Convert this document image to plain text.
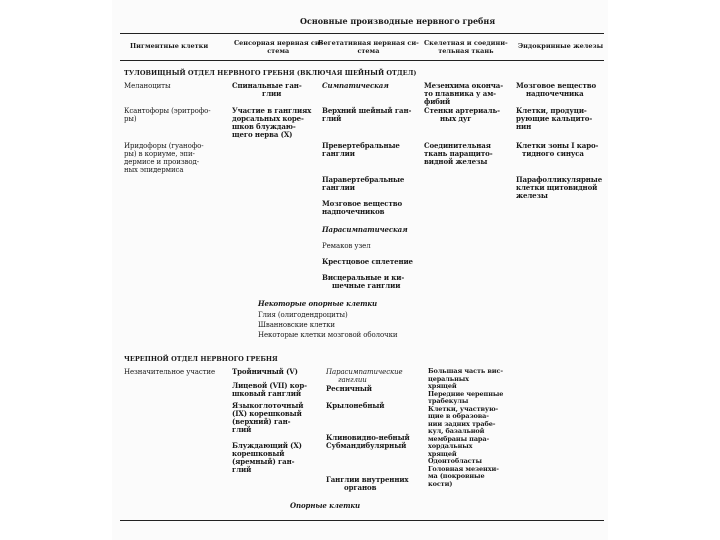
Основные производные нервного гребня
Пигментные клетки	Сенсорная нервная си-
стема
Вегетативная нервная си-
стема
Скелетная и соедини-
тельная ткань
Эндокринные железы
ТУЛОВИЩНЫЙ ОТДЕЛ НЕРВНОГО ГРЕБНЯ (ВКЛЮЧАЯ ШЕЙНЫЙ ОТДЕЛ)
Меланоциты
Ксантофоры (эритрофо-
ры)
Иридофоры (гуанофо-
ры) в кориуме, эпи-
дермисе и производ-
ных эпидермиса
Спинальные ган-
глии
Участие в ганглиях
дорсальных коре-
шков блуждаю-
щего нерва (X)
Симпатическая
Верхний шейный ган-
глий
Превертебральные
ганглии
Паравертебральные
ганглии
Мозговое вещество
надпочечников
Парасимпатическая
Ремаков узел
Крестцовое сплетение
Висцеральные и ки-
шечные ганглии
Мезенхима оконча-
то плавника у ам-
фибий
Стенки артериаль-
ных дуг
Соединительная
ткань паращито-
видной железы
Мозговое вещество
надпочечника
Клетки, продуци-
рующие кальцито-
нин
Клетки зоны I каро-
тидного синуса
Парафолликулярные
клетки щитовидной
железы
Некоторые опорные клетки
Глия (олигодендроциты)
Шванновские клетки
Некоторые клетки мозговой оболочки
ЧЕРЕПНОЙ ОТДЕЛ НЕРВНОГО ГРЕБНЯ
Незначительное участие Тройничный (V)
Лицевой (VII) кор-
шковый ганглий
Языкоглоточный
(IX) корешковый
(верхний) ган-
глий
Блуждающий (X)
корешковый
(яремный) ган-
глий
Парасимпатические
ганглии
Ресничный
Крылонебный
Клиновидно-небный
Субмандибулярный
Ганглии внутренних
органов
Большая часть вис-
церальных
хрящей
Передние черепные
трабекулы
Клетки, участвую-
щие в образова-
нии задних трабе-
кул, базальной
мембраны пара-
хордальных
хрящей
Одонтобласты
Головная мезенхи-
ма (покровные
кости)
Опорные клетки
